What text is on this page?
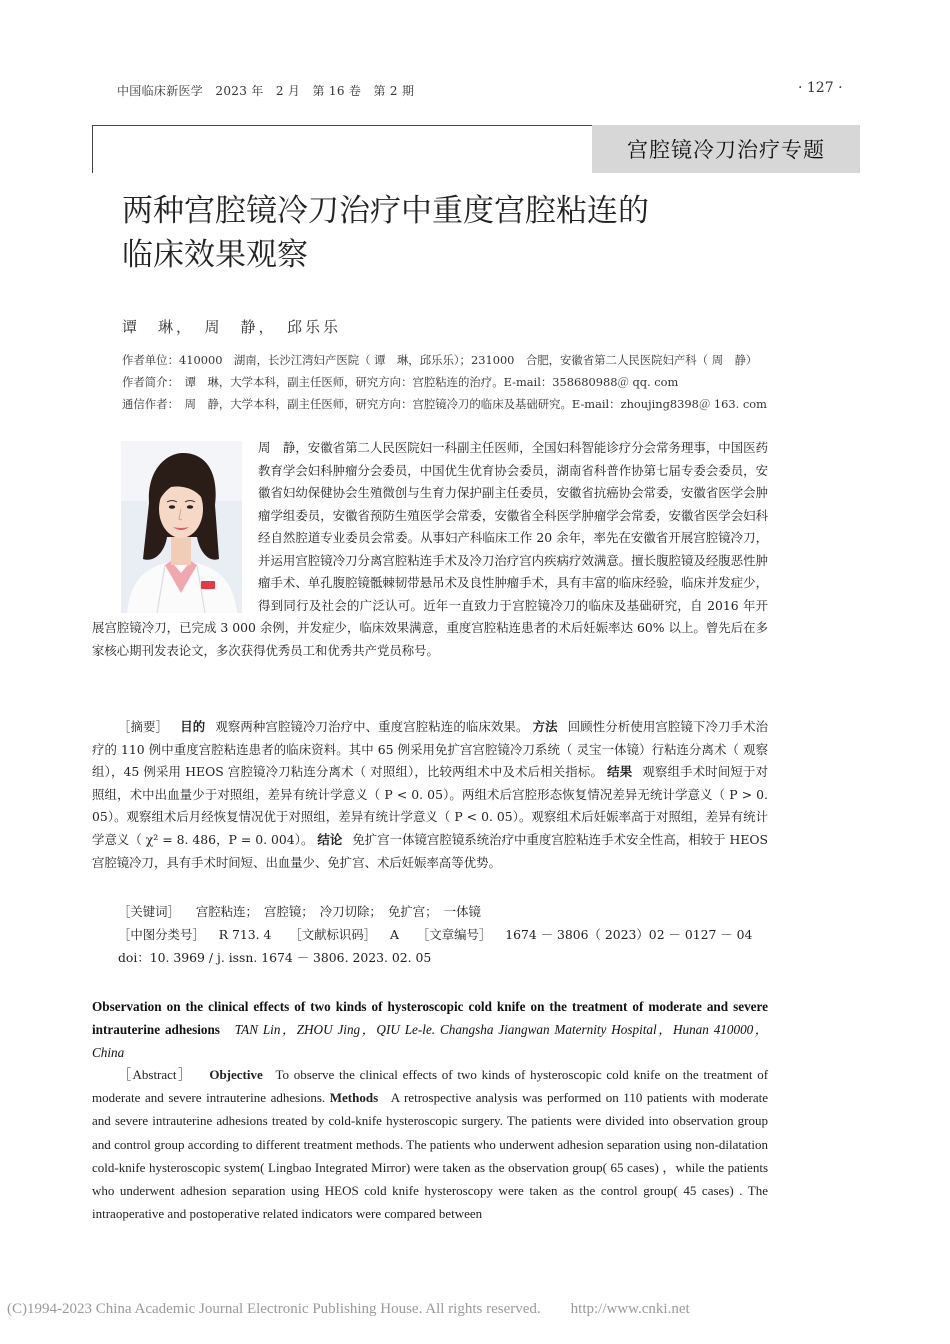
中国临床新医学　2023 年　2 月　第 16 卷　第 2 期	· 127 ·
宫腔镜冷刀治疗专题
两种宫腔镜冷刀治疗中重度宫腔粘连的
临床效果观察
谭　琳，　周　静，　邱乐乐
作者单位：410000　湖南，长沙江湾妇产医院（ 谭　琳，邱乐乐）；231000　合肥，安徽省第二人民医院妇产科（ 周　静）
作者简介：　谭　琳，大学本科，副主任医师，研究方向：宫腔粘连的治疗。E-mail：358680988＠ qq. com
通信作者：　周　静，大学本科，副主任医师，研究方向：宫腔镜冷刀的临床及基础研究。E-mail：zhoujing8398＠ 163. com

周　静，安徽省第二人民医院妇一科副主任医师，全国妇科智能诊疗分会常务理事，中国医药教育学会妇科肿瘤分会委员，中国优生优育协会委员，湖南省科普作协第七届专委会委员，安徽省妇幼保健协会生殖微创与生育力保护副主任委员，安徽省抗癌协会常委，安徽省医学会肿瘤学组委员，安徽省预防生殖医学会常委，安徽省全科医学肿瘤学会常委，安徽省医学会妇科经自然腔道专业委员会常委。从事妇产科临床工作 20 余年，率先在安徽省开展宫腔镜冷刀，并运用宫腔镜冷刀分离宫腔粘连手术及冷刀治疗宫内疾病疗效满意。擅长腹腔镜及经腹恶性肿瘤手术、单孔腹腔镜骶棘韧带悬吊术及良性肿瘤手术，具有丰富的临床经验，临床并发症少，得到同行及社会的广泛认可。近年一直致力于宫腔镜冷刀的临床及基础研究，自 2016 年开展宫腔镜冷刀，已完成 3 000 余例，并发症少，临床效果满意，重度宫腔粘连患者的术后妊娠率达 60% 以上。曾先后在多家核心期刊发表论文，多次获得优秀员工和优秀共产党员称号。

［摘要］ 目的 观察两种宫腔镜冷刀治疗中、重度宫腔粘连的临床效果。 方法 回顾性分析使用宫腔镜下冷刀手术治疗的 110 例中重度宫腔粘连患者的临床资料。其中 65 例采用免扩宫宫腔镜冷刀系统（ 灵宝一体镜）行粘连分离术（ 观察组），45 例采用 HEOS 宫腔镜冷刀粘连分离术（ 对照组），比较两组术中及术后相关指标。 结果 观察组手术时间短于对照组，术中出血量少于对照组，差异有统计学意义（ P < 0. 05）。两组术后宫腔形态恢复情况差异无统计学意义（ P > 0. 05）。观察组术后月经恢复情况优于对照组，差异有统计学意义（ P < 0. 05）。观察组术后妊娠率高于对照组，差异有统计学意义（ χ² = 8. 486，P = 0. 004）。 结论 免扩宫一体镜宫腔镜系统治疗中重度宫腔粘连手术安全性高，相较于 HEOS 宫腔镜冷刀，具有手术时间短、出血量少、免扩宫、术后妊娠率高等优势。
［关键词］ 宫腔粘连；　宫腔镜；　冷刀切除；　免扩宫；　一体镜
［中图分类号］ R 713. 4 ［文献标识码］ A ［文章编号］ 1674 － 3806（ 2023）02 － 0127 － 04
doi：10. 3969 / j. issn. 1674 － 3806. 2023. 02. 05
Observation on the clinical effects of two kinds of hysteroscopic cold knife on the treatment of moderate and severe intrauterine adhesions TAN Lin，ZHOU Jing，QIU Le-le. Changsha Jiangwan Maternity Hospital，Hunan 410000，China
［Abstract］ Objective To observe the clinical effects of two kinds of hysteroscopic cold knife on the treatment of moderate and severe intrauterine adhesions. Methods A retrospective analysis was performed on 110 patients with moderate and severe intrauterine adhesions treated by cold-knife hysteroscopic surgery. The patients were divided into observation group and control group according to different treatment methods. The patients who underwent adhesion separation using non-dilatation cold-knife hysteroscopic system( Lingbao Integrated Mirror) were taken as the observation group( 65 cases) ，while the patients who underwent adhesion separation using HEOS cold knife hysteroscopy were taken as the control group( 45 cases) . The intraoperative and postoperative related indicators were compared between
(C)1994-2023 China Academic Journal Electronic Publishing House. All rights reserved.　　http://www.cnki.net
